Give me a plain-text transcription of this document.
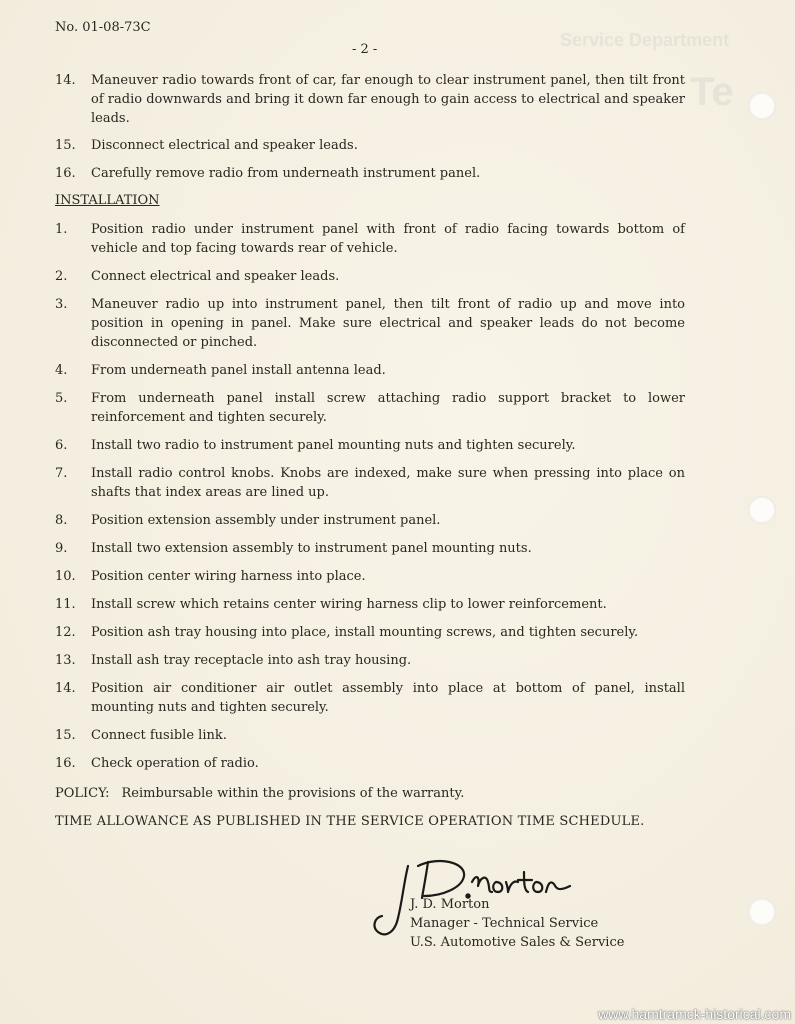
Service Department
Te
No. 01-08-73C
- 2 -
14. Maneuver radio towards front of car, far enough to clear instrument panel, then tilt front of radio downwards and bring it down far enough to gain access to electrical and speaker leads.
15. Disconnect electrical and speaker leads.
16. Carefully remove radio from underneath instrument panel.
INSTALLATION
1. Position radio under instrument panel with front of radio facing towards bottom of vehicle and top facing towards rear of vehicle.
2. Connect electrical and speaker leads.
3. Maneuver radio up into instrument panel, then tilt front of radio up and move into position in opening in panel. Make sure electrical and speaker leads do not become disconnected or pinched.
4. From underneath panel install antenna lead.
5. From underneath panel install screw attaching radio support bracket to lower reinforcement and tighten securely.
6. Install two radio to instrument panel mounting nuts and tighten securely.
7. Install radio control knobs. Knobs are indexed, make sure when pressing into place on shafts that index areas are lined up.
8. Position extension assembly under instrument panel.
9. Install two extension assembly to instrument panel mounting nuts.
10. Position center wiring harness into place.
11. Install screw which retains center wiring harness clip to lower reinforcement.
12. Position ash tray housing into place, install mounting screws, and tighten securely.
13. Install ash tray receptacle into ash tray housing.
14. Position air conditioner air outlet assembly into place at bottom of panel, install mounting nuts and tighten securely.
15. Connect fusible link.
16. Check operation of radio.
POLICY: Reimbursable within the provisions of the warranty.
TIME ALLOWANCE AS PUBLISHED IN THE SERVICE OPERATION TIME SCHEDULE.
J. D. Morton
Manager - Technical Service
U.S. Automotive Sales & Service
www.hamtramck-historical.com
